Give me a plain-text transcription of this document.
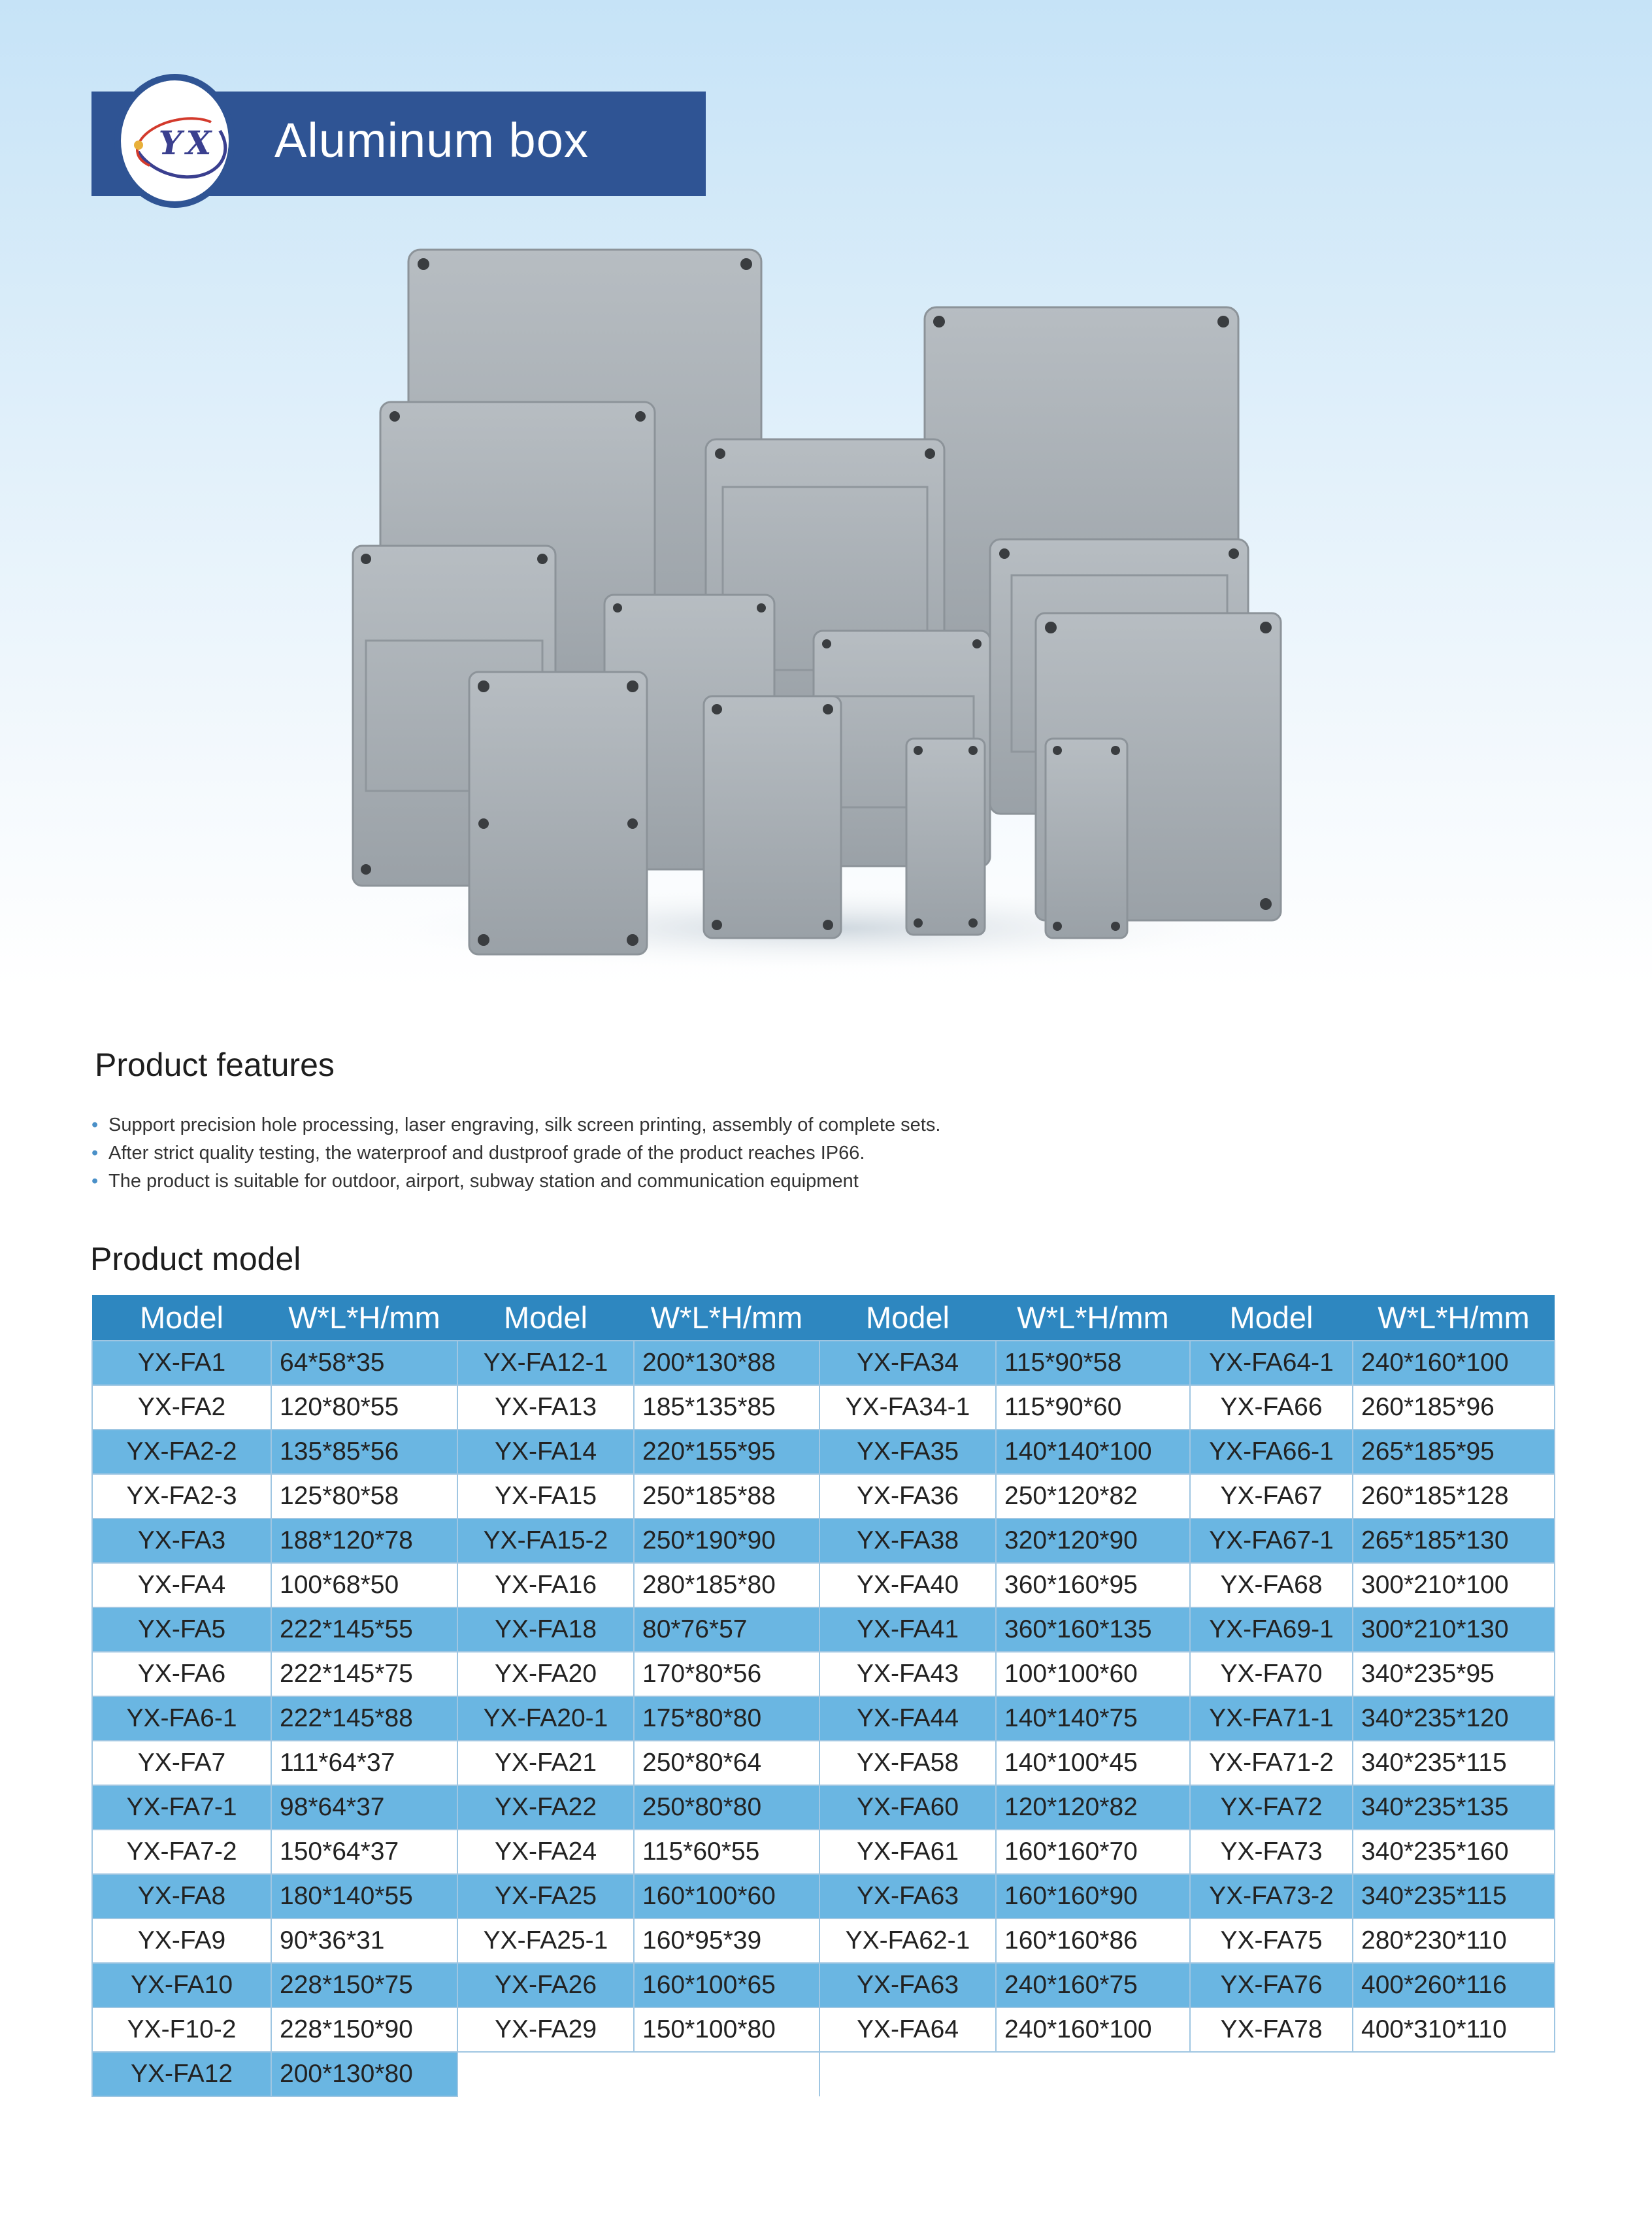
YX Aluminum box
Product features
• Support precision hole processing, laser engraving, silk screen printing, assembly of complete sets.
• After strict quality testing, the waterproof and dustproof grade of the product reaches IP66.
• The product is suitable for outdoor, airport, subway station and communication equipment
Product model
Model	W*L*H/mm	Model	W*L*H/mm	Model	W*L*H/mm	Model	W*L*H/mm
YX-FA1	64*58*35	YX-FA12-1	200*130*88	YX-FA34	115*90*58	YX-FA64-1	240*160*100
YX-FA2	120*80*55	YX-FA13	185*135*85	YX-FA34-1	115*90*60	YX-FA66	260*185*96
YX-FA2-2	135*85*56	YX-FA14	220*155*95	YX-FA35	140*140*100	YX-FA66-1	265*185*95
YX-FA2-3	125*80*58	YX-FA15	250*185*88	YX-FA36	250*120*82	YX-FA67	260*185*128
YX-FA3	188*120*78	YX-FA15-2	250*190*90	YX-FA38	320*120*90	YX-FA67-1	265*185*130
YX-FA4	100*68*50	YX-FA16	280*185*80	YX-FA40	360*160*95	YX-FA68	300*210*100
YX-FA5	222*145*55	YX-FA18	80*76*57	YX-FA41	360*160*135	YX-FA69-1	300*210*130
YX-FA6	222*145*75	YX-FA20	170*80*56	YX-FA43	100*100*60	YX-FA70	340*235*95
YX-FA6-1	222*145*88	YX-FA20-1	175*80*80	YX-FA44	140*140*75	YX-FA71-1	340*235*120
YX-FA7	111*64*37	YX-FA21	250*80*64	YX-FA58	140*100*45	YX-FA71-2	340*235*115
YX-FA7-1	98*64*37	YX-FA22	250*80*80	YX-FA60	120*120*82	YX-FA72	340*235*135
YX-FA7-2	150*64*37	YX-FA24	115*60*55	YX-FA61	160*160*70	YX-FA73	340*235*160
YX-FA8	180*140*55	YX-FA25	160*100*60	YX-FA63	160*160*90	YX-FA73-2	340*235*115
YX-FA9	90*36*31	YX-FA25-1	160*95*39	YX-FA62-1	160*160*86	YX-FA75	280*230*110
YX-FA10	228*150*75	YX-FA26	160*100*65	YX-FA63	240*160*75	YX-FA76	400*260*116
YX-F10-2	228*150*90	YX-FA29	150*100*80	YX-FA64	240*160*100	YX-FA78	400*310*110
YX-FA12	200*130*80						
